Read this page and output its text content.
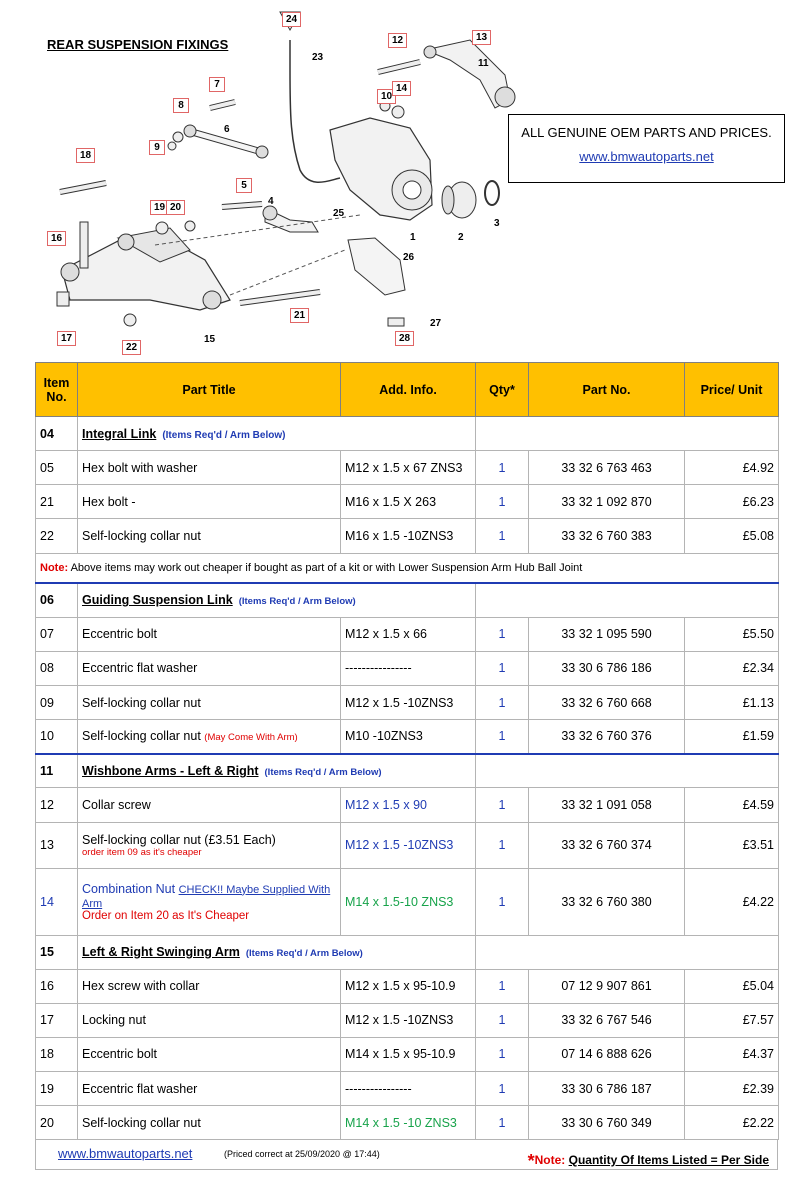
REAR SUSPENSION FIXINGS
24
12	13
7
8
10
14
9
18
5
19 20
16
17
22
21
28
23
11
6
4
25
1	2
3
26
27
15
ALL GENUINE OEM PARTS AND PRICES.
www.bmwautoparts.net
Item No.	Part Title	Add. Info.	Qty*	Part No.	Price/ Unit
04	Integral Link (Items Req'd / Arm Below)				
05	Hex bolt with washer	M12 x 1.5 x 67 ZNS3	1	33 32 6 763 463	£4.92
21	Hex bolt -	M16 x 1.5 X 263	1	33 32 1 092 870	£6.23
22	Self-locking collar nut	M16 x 1.5 -10ZNS3	1	33 32 6 760 383	£5.08
Note: Above items may work out cheaper if bought as part of a kit or with Lower Suspension Arm Hub Ball Joint					
06	Guiding Suspension Link (Items Req'd / Arm Below)				
07	Eccentric bolt	M12 x 1.5 x 66	1	33 32 1 095 590	£5.50
08	Eccentric flat washer	----------------	1	33 30 6 786 186	£2.34
09	Self-locking collar nut	M12 x 1.5 -10ZNS3	1	33 32 6 760 668	£1.13
10	Self-locking collar nut (May Come With Arm)	M10 -10ZNS3	1	33 32 6 760 376	£1.59
11	Wishbone Arms - Left & Right (Items Req'd / Arm Below)				
12	Collar screw	M12 x 1.5 x 90	1	33 32 1 091 058	£4.59
13	Self-locking collar nut (£3.51 Each)
order item 09 as it's cheaper	M12 x 1.5 -10ZNS3	1	33 32 6 760 374	£3.51
14	Combination Nut CHECK!! Maybe Supplied With Arm
Order on Item 20 as It's Cheaper	M14 x 1.5-10 ZNS3	1	33 32 6 760 380	£4.22
15	Left & Right Swinging Arm (Items Req'd / Arm Below)				
16	Hex screw with collar	M12 x 1.5 x 95-10.9	1	07 12 9 907 861	£5.04
17	Locking nut	M12 x 1.5 -10ZNS3	1	33 32 6 767 546	£7.57
18	Eccentric bolt	M14 x 1.5 x 95-10.9	1	07 14 6 888 626	£4.37
19	Eccentric flat washer	----------------	1	33 30 6 786 187	£2.39
20	Self-locking collar nut	M14 x 1.5 -10 ZNS3	1	33 30 6 760 349	£2.22
www.bmwautoparts.net	(Priced correct at 25/09/2020 @ 17:44)	*Note: Quantity Of Items Listed = Per Side
